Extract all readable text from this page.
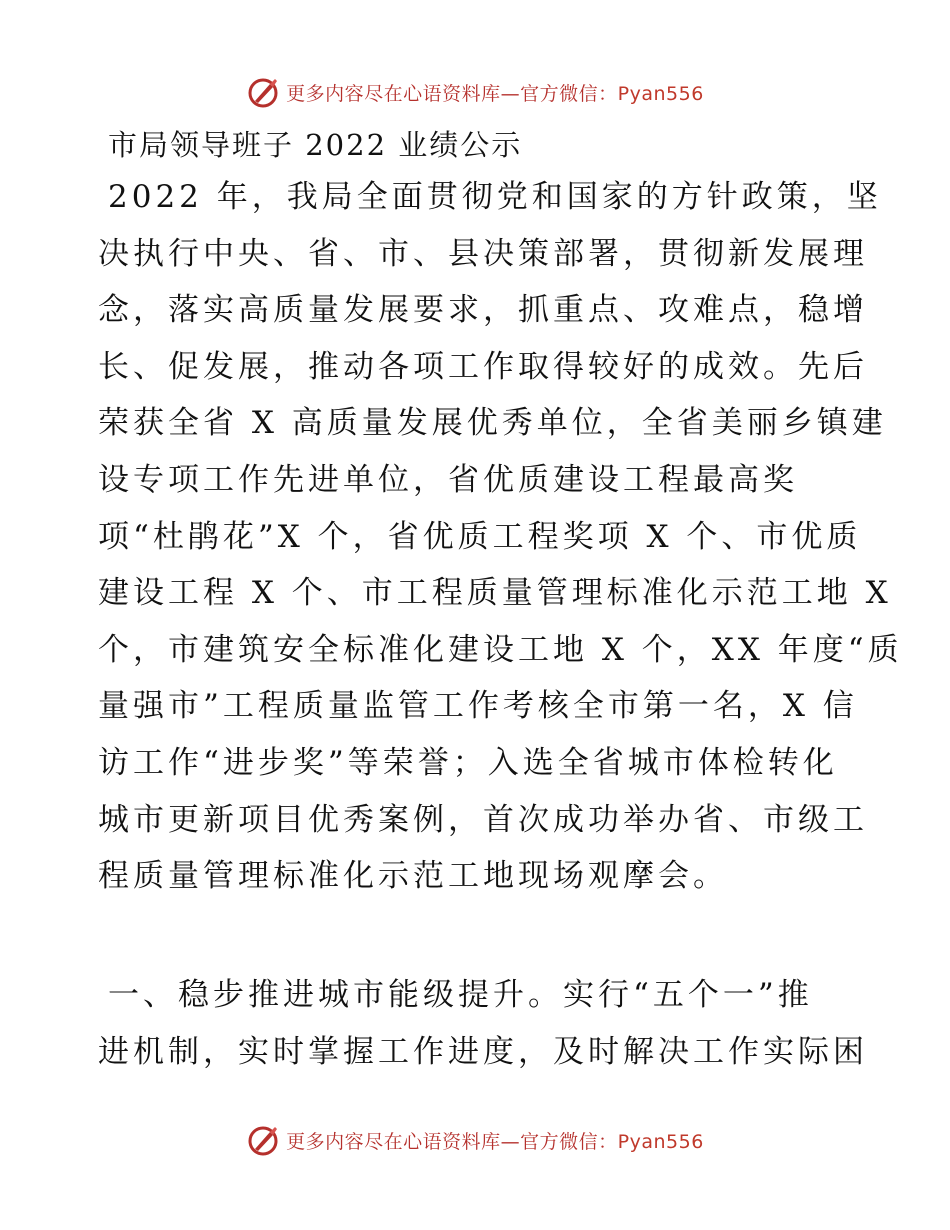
更多内容尽在心语资料库—官方微信：Pyan556
市局领导班子 2022 业绩公示
2022 年，我局全面贯彻党和国家的方针政策，坚
决执行中央、省、市、县决策部署，贯彻新发展理
念，落实高质量发展要求，抓重点、攻难点，稳增
长、促发展，推动各项工作取得较好的成效。先后
荣获全省 X 高质量发展优秀单位，全省美丽乡镇建
设专项工作先进单位，省优质建设工程最高奖
项“杜鹃花”X 个，省优质工程奖项 X 个、市优质
建设工程 X 个、市工程质量管理标准化示范工地 X
个，市建筑安全标准化建设工地 X 个，XX 年度“质
量强市”工程质量监管工作考核全市第一名，X 信
访工作“进步奖”等荣誉；入选全省城市体检转化
城市更新项目优秀案例，首次成功举办省、市级工
程质量管理标准化示范工地现场观摩会。
一、稳步推进城市能级提升。实行“五个一”推
进机制，实时掌握工作进度，及时解决工作实际困
更多内容尽在心语资料库—官方微信：Pyan556
